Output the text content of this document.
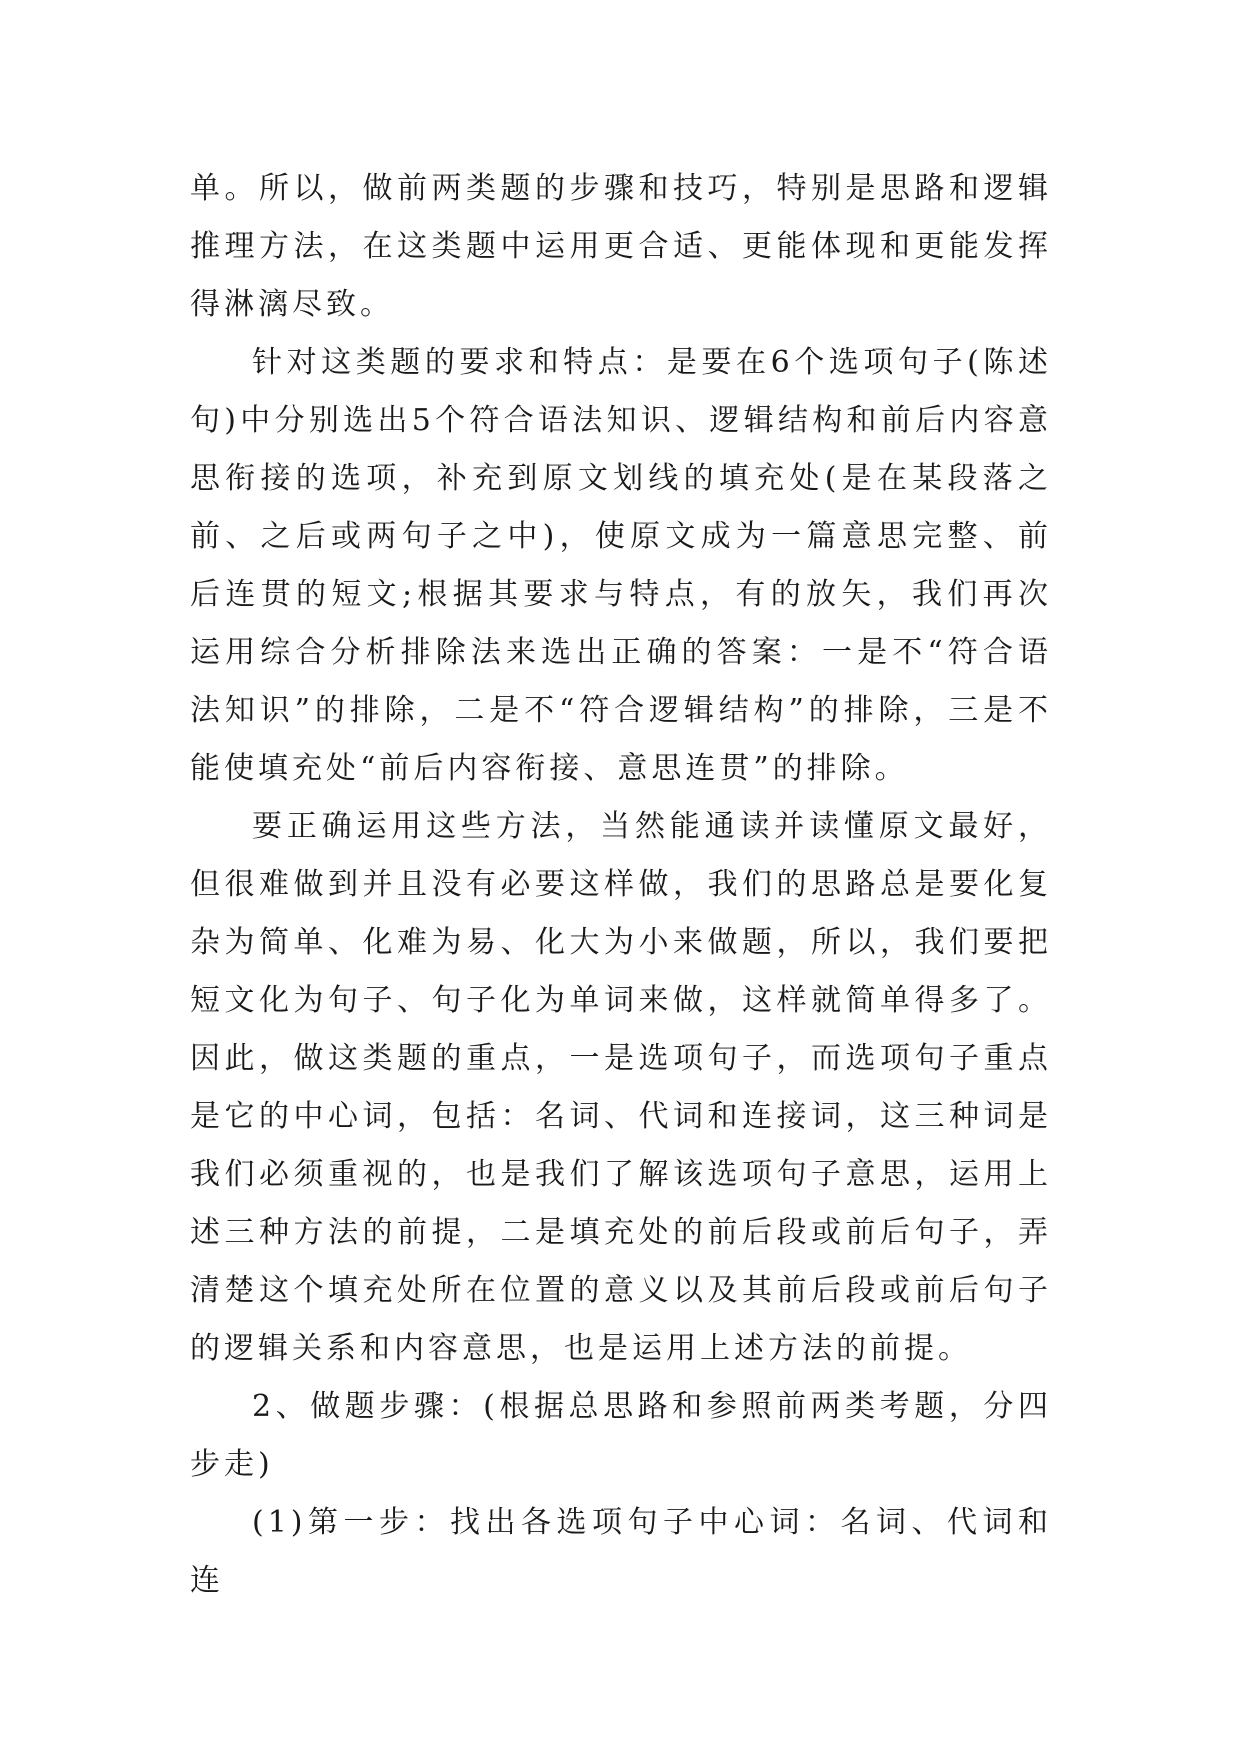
单。所以，做前两类题的步骤和技巧，特别是思路和逻辑推理方法，在这类题中运用更合适、更能体现和更能发挥得淋漓尽致。

针对这类题的要求和特点：是要在6个选项句子(陈述句)中分别选出5个符合语法知识、逻辑结构和前后内容意思衔接的选项，补充到原文划线的填充处(是在某段落之前、之后或两句子之中)，使原文成为一篇意思完整、前后连贯的短文;根据其要求与特点，有的放矢，我们再次运用综合分析排除法来选出正确的答案：一是不“符合语法知识”的排除，二是不“符合逻辑结构”的排除，三是不能使填充处“前后内容衔接、意思连贯”的排除。

要正确运用这些方法，当然能通读并读懂原文最好，但很难做到并且没有必要这样做，我们的思路总是要化复杂为简单、化难为易、化大为小来做题，所以，我们要把短文化为句子、句子化为单词来做，这样就简单得多了。因此，做这类题的重点，一是选项句子，而选项句子重点是它的中心词，包括：名词、代词和连接词，这三种词是我们必须重视的，也是我们了解该选项句子意思，运用上述三种方法的前提，二是填充处的前后段或前后句子，弄清楚这个填充处所在位置的意义以及其前后段或前后句子的逻辑关系和内容意思，也是运用上述方法的前提。

2、做题步骤：(根据总思路和参照前两类考题，分四步走)

(1)第一步：找出各选项句子中心词：名词、代词和连
